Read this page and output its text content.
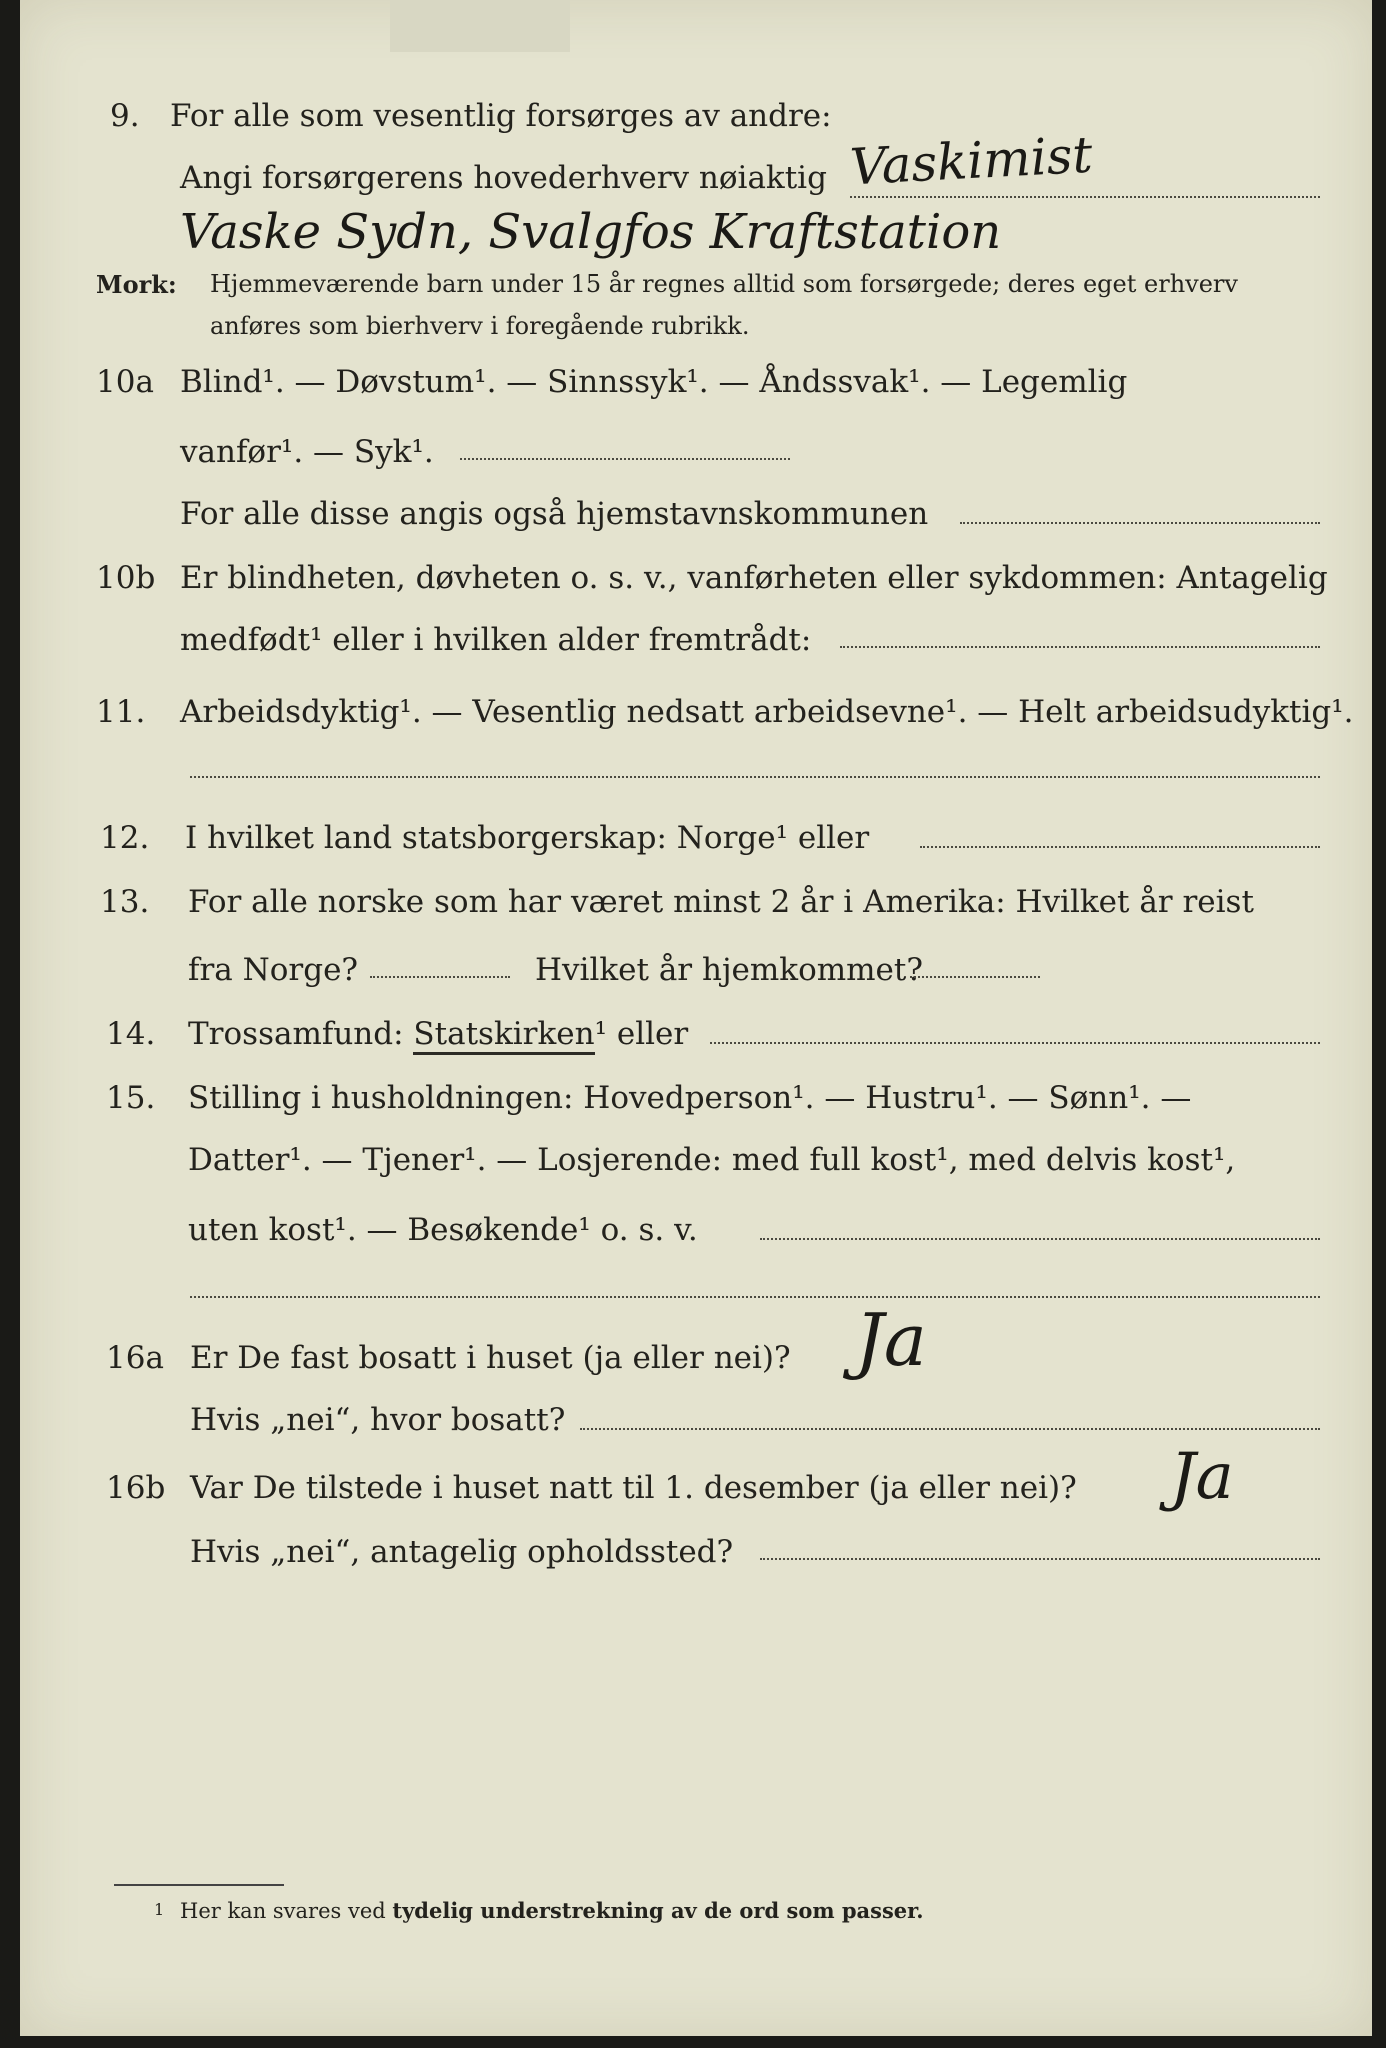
9. For alle som vesentlig forsørges av andre:
Angi forsørgerens hovederhverv nøiaktig Vaskimist
Vaske Sydn, Svalgfos Kraftstation
Mork: Hjemmeværende barn under 15 år regnes alltid som forsørgede; deres eget erhverv
anføres som bierhverv i foregående rubrikk.
10a Blind¹. — Døvstum¹. — Sinnssyk¹. — Åndssvak¹. — Legemlig
vanfør¹. — Syk¹.
For alle disse angis også hjemstavnskommunen
10b Er blindheten, døvheten o. s. v., vanførheten eller sykdommen: Antagelig
medfødt¹ eller i hvilken alder fremtrådt:
11. Arbeidsdyktig¹. — Vesentlig nedsatt arbeidsevne¹. — Helt arbeidsudyktig¹.
12. I hvilket land statsborgerskap: Norge¹ eller
13. For alle norske som har været minst 2 år i Amerika: Hvilket år reist
fra Norge?	Hvilket år hjemkommet?
14. Trossamfund: Statskirken¹ eller
15. Stilling i husholdningen: Hovedperson¹. — Hustru¹. — Sønn¹. —
Datter¹. — Tjener¹. — Losjerende: med full kost¹, med delvis kost¹,
uten kost¹. — Besøkende¹ o. s. v.
16a Er De fast bosatt i huset (ja eller nei)? Ja
Hvis „nei“, hvor bosatt?
16b Var De tilstede i huset natt til 1. desember (ja eller nei)? Ja
Hvis „nei“, antagelig opholdssted?
1 Her kan svares ved tydelig understrekning av de ord som passer.
